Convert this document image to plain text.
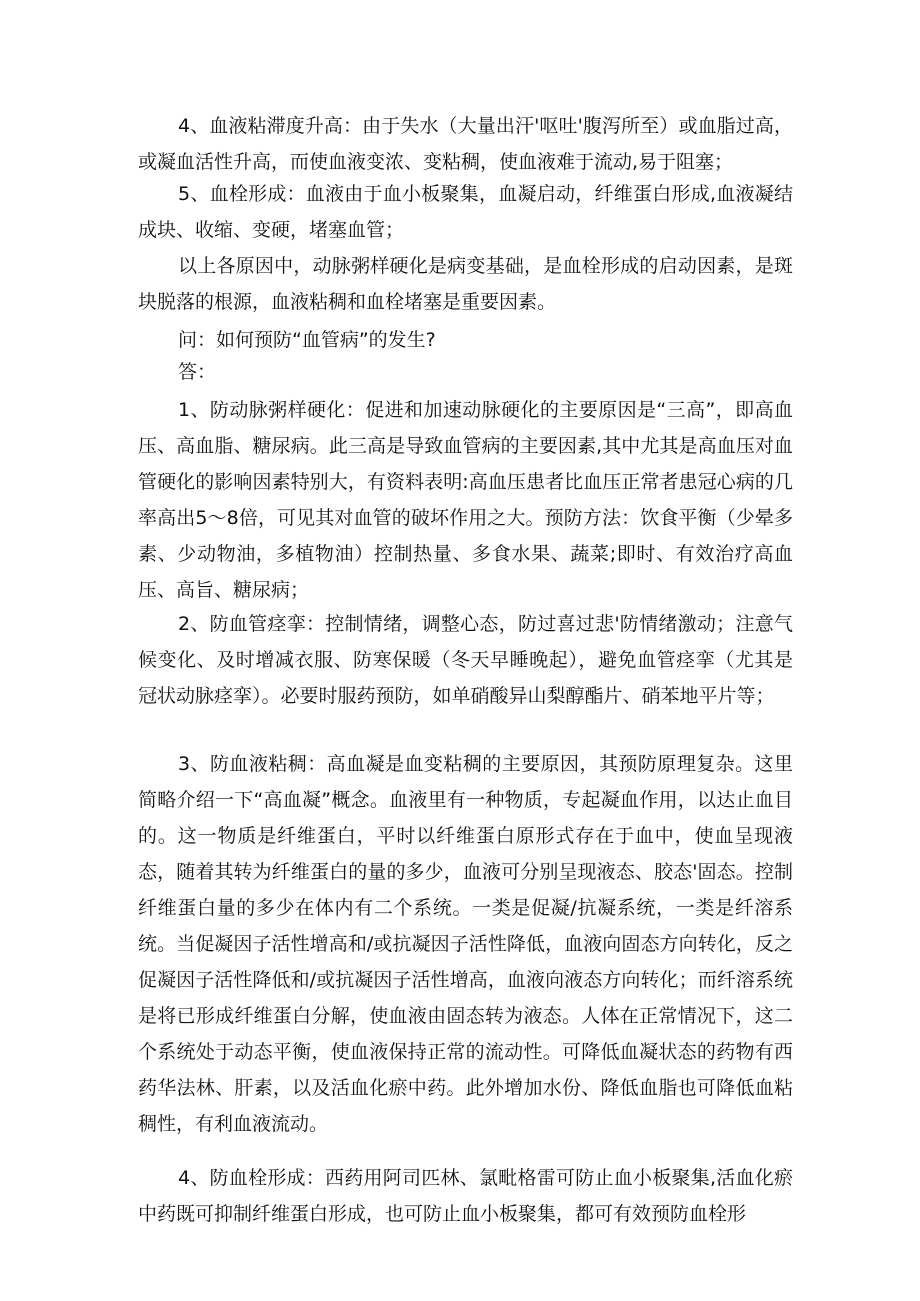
4、血液粘滞度升高：由于失水（大量出汗'呕吐'腹泻所至）或血脂过高，或凝血活性升高，而使血液变浓、变粘稠，使血液难于流动,易于阻塞；

5、血栓形成：血液由于血小板聚集，血凝启动，纤维蛋白形成,血液凝结成块、收缩、变硬，堵塞血管；

以上各原因中，动脉粥样硬化是病变基础，是血栓形成的启动因素，是斑块脱落的根源，血液粘稠和血栓堵塞是重要因素。

问：如何预防“血管病”的发生?

答：

1、防动脉粥样硬化：促进和加速动脉硬化的主要原因是“三高”，即高血压、高血脂、糖尿病。此三高是导致血管病的主要因素,其中尤其是高血压对血管硬化的影响因素特别大，有资料表明:高血压患者比血压正常者患冠心病的几率高出5〜8倍，可见其对血管的破坏作用之大。预防方法：饮食平衡（少晕多素、少动物油，多植物油）控制热量、多食水果、蔬菜;即时、有效治疗高血压、高旨、糖尿病；

2、防血管痉挛：控制情绪，调整心态，防过喜过悲'防情绪激动；注意气候变化、及时增减衣服、防寒保暖（冬天早睡晚起），避免血管痉挛（尤其是冠状动脉痉挛）。必要时服药预防，如单硝酸异山梨醇酯片、硝苯地平片等；

3、防血液粘稠：高血凝是血变粘稠的主要原因，其预防原理复杂。这里简略介绍一下“高血凝”概念。血液里有一种物质，专起凝血作用，以达止血目的。这一物质是纤维蛋白，平时以纤维蛋白原形式存在于血中，使血呈现液态，随着其转为纤维蛋白的量的多少，血液可分别呈现液态、胶态'固态。控制纤维蛋白量的多少在体内有二个系统。一类是促凝/抗凝系统，一类是纤溶系统。当促凝因子活性增高和/或抗凝因子活性降低，血液向固态方向转化，反之促凝因子活性降低和/或抗凝因子活性增高，血液向液态方向转化；而纤溶系统是将已形成纤维蛋白分解，使血液由固态转为液态。人体在正常情况下，这二个系统处于动态平衡，使血液保持正常的流动性。可降低血凝状态的药物有西药华法林、肝素，以及活血化瘀中药。此外增加水份、降低血脂也可降低血粘稠性，有利血液流动。

4、防血栓形成：西药用阿司匹林、氯毗格雷可防止血小板聚集,活血化瘀中药既可抑制纤维蛋白形成，也可防止血小板聚集，都可有效预防血栓形
